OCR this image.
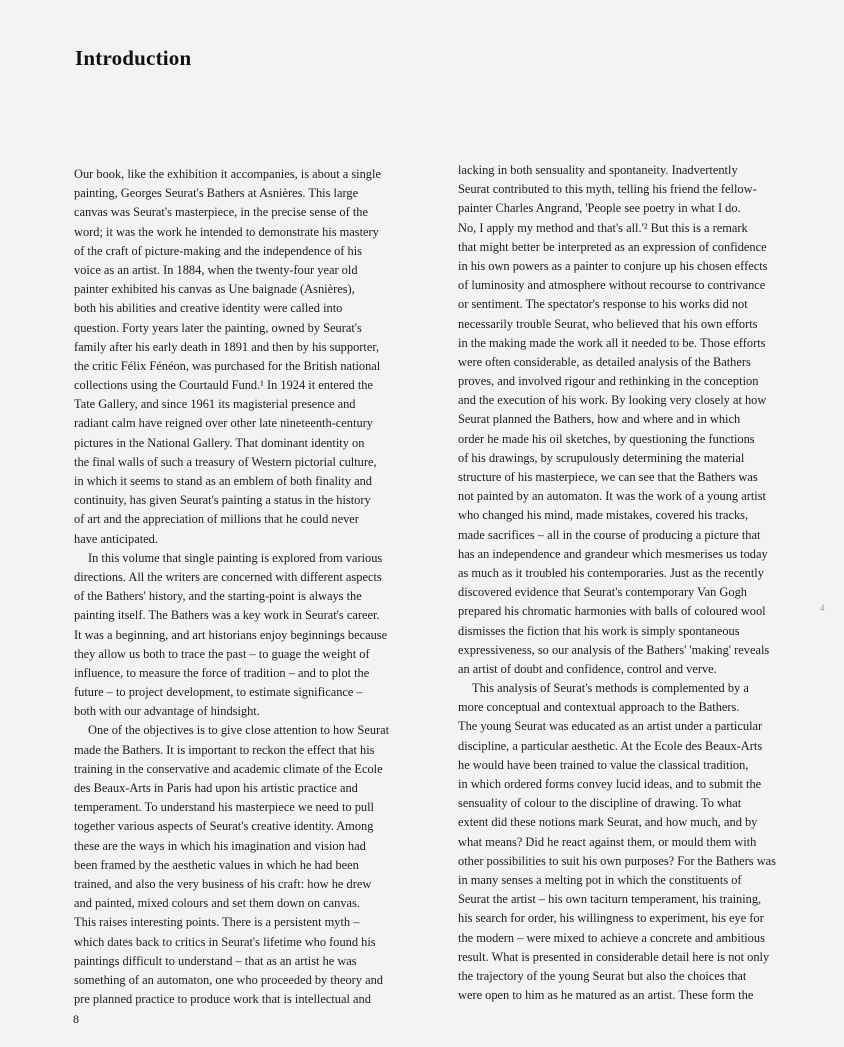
Introduction
Our book, like the exhibition it accompanies, is about a single
painting, Georges Seurat's Bathers at Asnières. This large
canvas was Seurat's masterpiece, in the precise sense of the
word; it was the work he intended to demonstrate his mastery
of the craft of picture-making and the independence of his
voice as an artist. In 1884, when the twenty-four year old
painter exhibited his canvas as Une baignade (Asnières),
both his abilities and creative identity were called into
question. Forty years later the painting, owned by Seurat's
family after his early death in 1891 and then by his supporter,
the critic Félix Fénéon, was purchased for the British national
collections using the Courtauld Fund.¹ In 1924 it entered the
Tate Gallery, and since 1961 its magisterial presence and
radiant calm have reigned over other late nineteenth-century
pictures in the National Gallery. That dominant identity on
the final walls of such a treasury of Western pictorial culture,
in which it seems to stand as an emblem of both finality and
continuity, has given Seurat's painting a status in the history
of art and the appreciation of millions that he could never
have anticipated.
In this volume that single painting is explored from various
directions. All the writers are concerned with different aspects
of the Bathers' history, and the starting-point is always the
painting itself. The Bathers was a key work in Seurat's career.
It was a beginning, and art historians enjoy beginnings because
they allow us both to trace the past – to guage the weight of
influence, to measure the force of tradition – and to plot the
future – to project development, to estimate significance –
both with our advantage of hindsight.
One of the objectives is to give close attention to how Seurat
made the Bathers. It is important to reckon the effect that his
training in the conservative and academic climate of the Ecole
des Beaux-Arts in Paris had upon his artistic practice and
temperament. To understand his masterpiece we need to pull
together various aspects of Seurat's creative identity. Among
these are the ways in which his imagination and vision had
been framed by the aesthetic values in which he had been
trained, and also the very business of his craft: how he drew
and painted, mixed colours and set them down on canvas.
This raises interesting points. There is a persistent myth –
which dates back to critics in Seurat's lifetime who found his
paintings difficult to understand – that as an artist he was
something of an automaton, one who proceeded by theory and
pre planned practice to produce work that is intellectual and
lacking in both sensuality and spontaneity. Inadvertently
Seurat contributed to this myth, telling his friend the fellow-
painter Charles Angrand, 'People see poetry in what I do.
No, I apply my method and that's all.'² But this is a remark
that might better be interpreted as an expression of confidence
in his own powers as a painter to conjure up his chosen effects
of luminosity and atmosphere without recourse to contrivance
or sentiment. The spectator's response to his works did not
necessarily trouble Seurat, who believed that his own efforts
in the making made the work all it needed to be. Those efforts
were often considerable, as detailed analysis of the Bathers
proves, and involved rigour and rethinking in the conception
and the execution of his work. By looking very closely at how
Seurat planned the Bathers, how and where and in which
order he made his oil sketches, by questioning the functions
of his drawings, by scrupulously determining the material
structure of his masterpiece, we can see that the Bathers was
not painted by an automaton. It was the work of a young artist
who changed his mind, made mistakes, covered his tracks,
made sacrifices – all in the course of producing a picture that
has an independence and grandeur which mesmerises us today
as much as it troubled his contemporaries. Just as the recently
discovered evidence that Seurat's contemporary Van Gogh
prepared his chromatic harmonies with balls of coloured wool
dismisses the fiction that his work is simply spontaneous
expressiveness, so our analysis of the Bathers' 'making' reveals
an artist of doubt and confidence, control and verve.
This analysis of Seurat's methods is complemented by a
more conceptual and contextual approach to the Bathers.
The young Seurat was educated as an artist under a particular
discipline, a particular aesthetic. At the Ecole des Beaux-Arts
he would have been trained to value the classical tradition,
in which ordered forms convey lucid ideas, and to submit the
sensuality of colour to the discipline of drawing. To what
extent did these notions mark Seurat, and how much, and by
what means? Did he react against them, or mould them with
other possibilities to suit his own purposes? For the Bathers was
in many senses a melting pot in which the constituents of
Seurat the artist – his own taciturn temperament, his training,
his search for order, his willingness to experiment, his eye for
the modern – were mixed to achieve a concrete and ambitious
result. What is presented in considerable detail here is not only
the trajectory of the young Seurat but also the choices that
were open to him as he matured as an artist. These form the
4
8
